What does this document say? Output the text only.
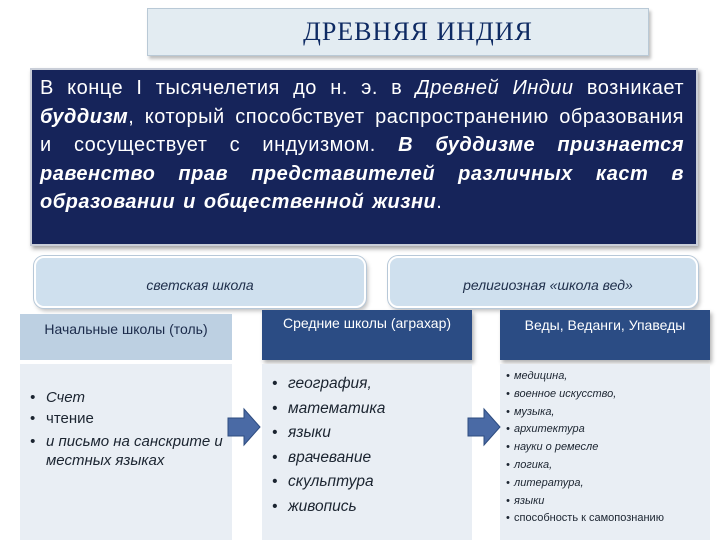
ДРЕВНЯЯ ИНДИЯ
В конце I тысячелетия до н. э. в Древней Индии возникает буддизм, который способствует распространению образования и сосуществует с индуизмом. В буддизме признается равенство прав представителей различных каст в образовании и общественной жизни.
светская школа	религиозная «школа вед»
Начальные школы (толь)	Средние школы (аграхар)	Веды, Веданги, Упаведы
• Счет
• чтение
• и письмо на санскрите и местных языках
• география,
• математика
• языки
• врачевание
• скульптура
• живопись
• медицина,
• военное искусство,
• музыка,
• архитектура
• науки о ремесле
• логика,
• литература,
• языки
• способность к самопознанию
